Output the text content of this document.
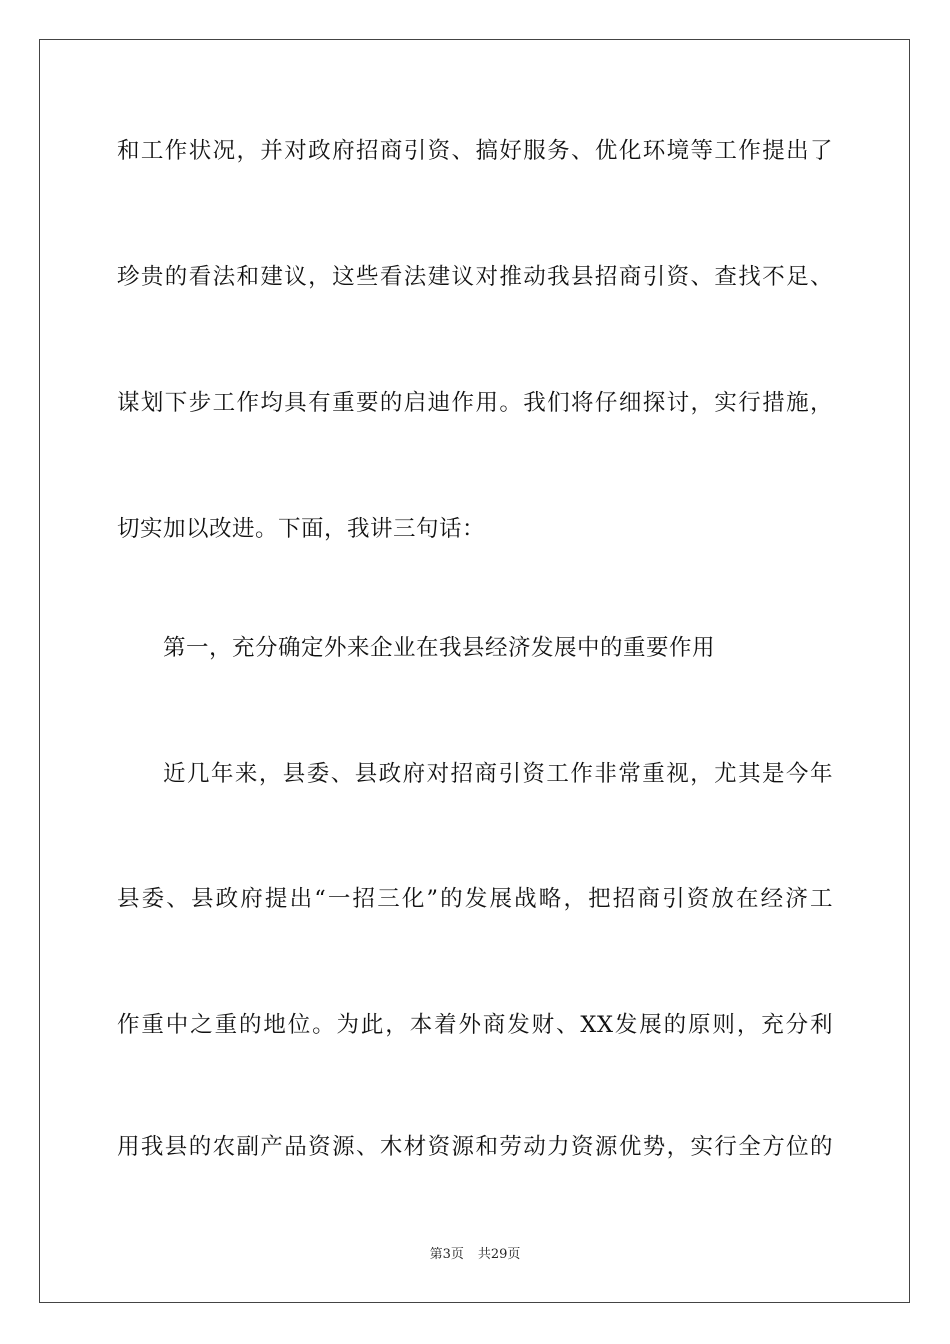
和工作状况，并对政府招商引资、搞好服务、优化环境等工作提出了
珍贵的看法和建议，这些看法建议对推动我县招商引资、查找不足、
谋划下步工作均具有重要的启迪作用。我们将仔细探讨，实行措施，
切实加以改进。下面，我讲三句话：
第一，充分确定外来企业在我县经济发展中的重要作用
近几年来，县委、县政府对招商引资工作非常重视，尤其是今年
县委、县政府提出“一招三化”的发展战略，把招商引资放在经济工
作重中之重的地位。为此，本着外商发财、XX发展的原则，充分利
用我县的农副产品资源、木材资源和劳动力资源优势，实行全方位的
第3页 共29页
